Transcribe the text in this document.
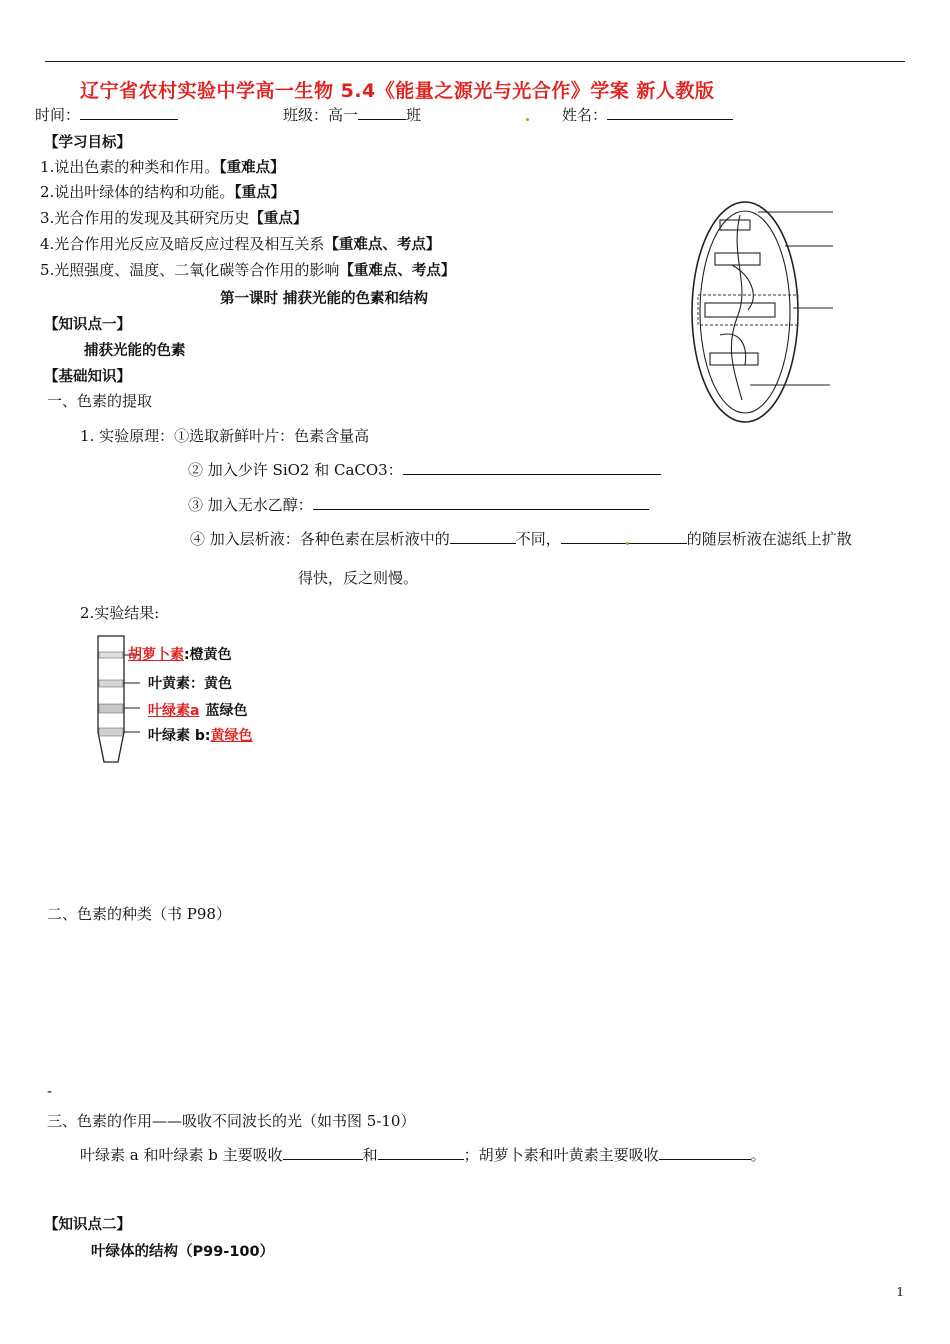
辽宁省农村实验中学高一生物 5.4《能量之源光与光合作》学案 新人教版
时间：	班级：高一	班	姓名：
【学习目标】
1.说出色素的种类和作用。【重难点】
2.说出叶绿体的结构和功能。【重点】
3.光合作用的发现及其研究历史【重点】
4.光合作用光反应及暗反应过程及相互关系【重难点、考点】
5.光照强度、温度、二氧化碳等合作用的影响【重难点、考点】
第一课时 捕获光能的色素和结构
【知识点一】
捕获光能的色素
【基础知识】
一、色素的提取
1. 实验原理：①选取新鲜叶片：色素含量高
② 加入少许 SiO2 和 CaCO3：
③ 加入无水乙醇：
④ 加入层析液：各种色素在层析液中的	不同，	的随层析液在滤纸上扩散
得快，反之则慢。
2.实验结果:
胡萝卜素:橙黄色
叶黄素：黄色
叶绿素a 蓝绿色
叶绿素 b:黄绿色
二、色素的种类（书 P98）
-
三、色素的作用——吸收不同波长的光（如书图 5-10）
叶绿素 a 和叶绿素 b 主要吸收	和	；胡萝卜素和叶黄素主要吸收	。
【知识点二】
叶绿体的结构（P99-100）
1
